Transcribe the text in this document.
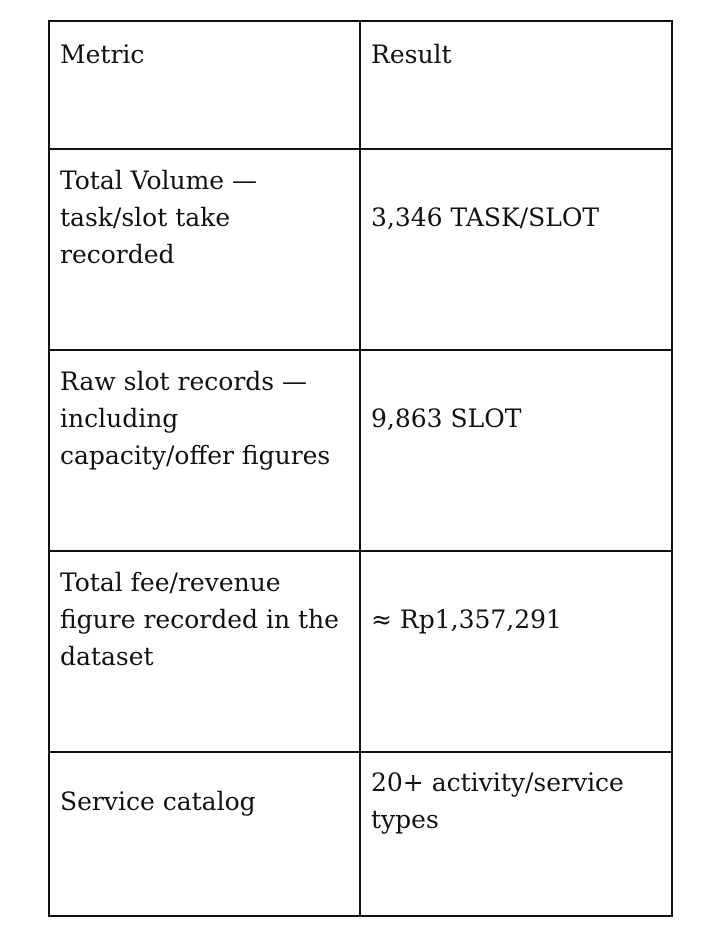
Metric	Result
Total Volume — task/slot take recorded	3,346 TASK/SLOT
Raw slot records — including capacity/offer figures	9,863 SLOT
Total fee/revenue figure recorded in the dataset	≈ Rp1,357,291
Service catalog	20+ activity/service types
